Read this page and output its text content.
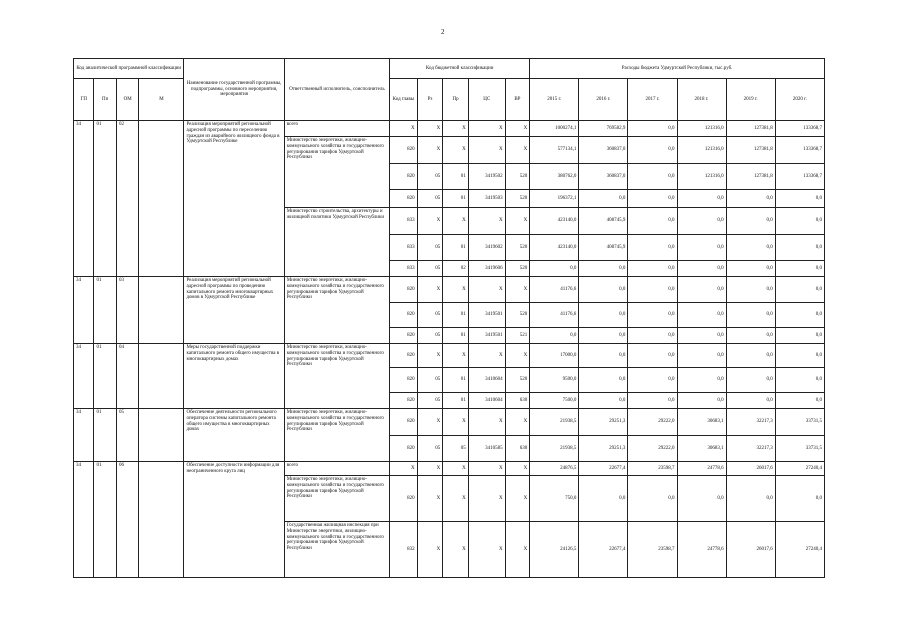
2
Код аналитической программной классификации				Наименование государственной программы, подпрограммы, основного мероприятия, мероприятия	Ответственный исполнитель, соисполнитель	Код бюджетной классификации					Расходы бюджета Удмуртской Республики, тыс.руб.					
ГП	Пп	ОМ	М			Код главы	Рз	Пр	ЦС	ВР	2015 г.	2016 г.	2017 г.	2018 г.	2019 г.	2020 г.
34	01	02		Реализация мероприятий региональной адресной программы по переселению граждан из аварийного жилищного фонда в Удмуртской Республике	всего	X	X	X	X	X	1000274,1	769582,9	0,0	121316,0	127381,8	133368,7
					Министерство энергетики, жилищно-коммунального хозяйства и государственного регулирования тарифов Удмуртской Республики	820	X	X	X	X	577134,1	360837,0	0,0	121316,0	127381,8	133368,7
						820	05	01	3419502	520	380762,0	360837,0	0,0	121316,0	127381,8	133368,7
						820	05	01	3419503	520	196372,1	0,0	0,0	0,0	0,0	0,0
					Министерство строительства, архитектуры и жилищной политики Удмуртской Республики	833	X	X	X	X	423140,0	408745,9	0,0	0,0	0,0	0,0
						833	05	01	3419602	520	423140,0	408745,9	0,0	0,0	0,0	0,0
						833	05	02	3419606	520	0,0	0,0	0,0	0,0	0,0	0,0
34	01	03		Реализация мероприятий региональной адресной программы по проведению капитального ремонта многоквартирных домов в Удмуртской Республике	Министерство энергетики, жилищно-коммунального хозяйства и государственного регулирования тарифов Удмуртской Республики	820	X	X	X	X	41176,6	0,0	0,0	0,0	0,0	0,0
						820	05	01	3419501	520	41176,6	0,0	0,0	0,0	0,0	0,0
						820	05	01	3419501	521	0,0	0,0	0,0	0,0	0,0	0,0
34	01	04		Меры государственной поддержки капитального ремонта общего имущества в многоквартирных домах	Министерство энергетики, жилищно-коммунального хозяйства и государственного регулирования тарифов Удмуртской Республики	820	X	X	X	X	17000,0	0,0	0,0	0,0	0,0	0,0
						820	05	01	3410604	520	9500,0	0,0	0,0	0,0	0,0	0,0
						820	05	01	3410604	630	7500,0	0,0	0,0	0,0	0,0	0,0
34	01	05		Обеспечение деятельности регионального оператора системы капитального ремонта общего имущества в многоквартирных домах	Министерство энергетики, жилищно-коммунального хозяйства и государственного регулирования тарифов Удмуртской Республики	820	X	X	X	X	21938,5	29251,3	29222,0	30683,1	32217,3	33731,5
						820	05	05	3410585	630	21938,5	29251,3	29222,0	30683,1	32217,3	33731,5
34	01	06		Обеспечение доступности информации для неограниченного круга лиц	всего	X	X	X	X	X	24876,5	22677,4	23598,7	24778,6	26017,6	27240,4
					Министерство энергетики, жилищно-коммунального хозяйства и государственного регулирования тарифов Удмуртской Республики	820	X	X	X	X	750,0	0,0	0,0	0,0	0,0	0,0
					Государственная жилищная инспекция при Министерстве энергетики, жилищно-коммунального хозяйства и государственного регулирования тарифов Удмуртской Республики	832	X	X	X	X	24126,5	22677,4	23598,7	24778,6	26017,6	27240,4
